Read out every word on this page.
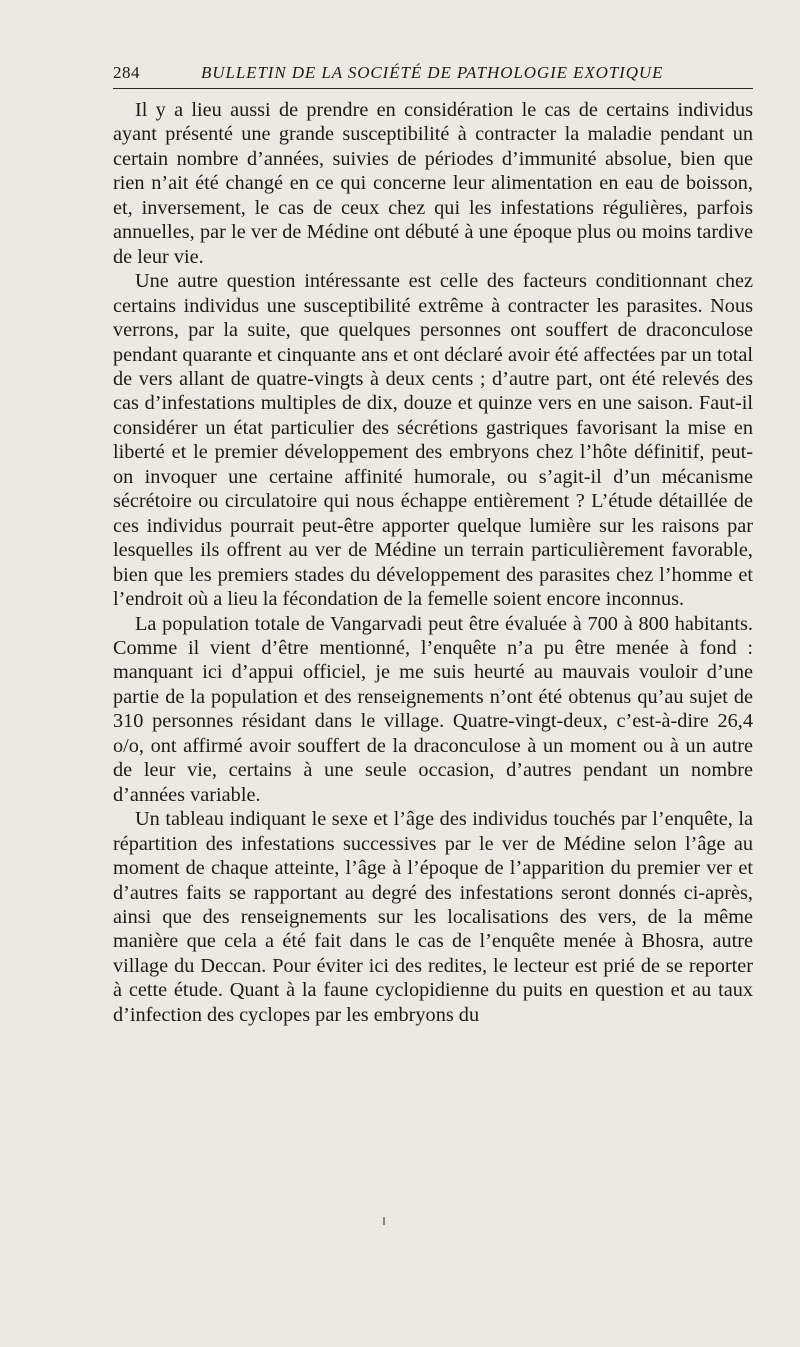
284	BULLETIN DE LA SOCIÉTÉ DE PATHOLOGIE EXOTIQUE

Il y a lieu aussi de prendre en considération le cas de certains individus ayant présenté une grande susceptibilité à contracter la maladie pendant un certain nombre d’années, suivies de périodes d’immunité absolue, bien que rien n’ait été changé en ce qui concerne leur alimentation en eau de boisson, et, inversement, le cas de ceux chez qui les infestations régulières, parfois annuelles, par le ver de Médine ont débuté à une époque plus ou moins tardive de leur vie.

Une autre question intéressante est celle des facteurs conditionnant chez certains individus une susceptibilité extrême à contracter les parasites. Nous verrons, par la suite, que quelques personnes ont souffert de draconculose pendant quarante et cinquante ans et ont déclaré avoir été affectées par un total de vers allant de quatre-vingts à deux cents ; d’autre part, ont été relevés des cas d’infestations multiples de dix, douze et quinze vers en une saison. Faut-il considérer un état particulier des sécrétions gastriques favorisant la mise en liberté et le premier développement des embryons chez l’hôte définitif, peut-on invoquer une certaine affinité humorale, ou s’agit-il d’un mécanisme sécrétoire ou circulatoire qui nous échappe entièrement ? L’étude détaillée de ces individus pourrait peut-être apporter quelque lumière sur les raisons par lesquelles ils offrent au ver de Médine un terrain particulièrement favorable, bien que les premiers stades du développement des parasites chez l’homme et l’endroit où a lieu la fécondation de la femelle soient encore inconnus.

La population totale de Vangarvadi peut être évaluée à 700 à 800 habitants. Comme il vient d’être mentionné, l’enquête n’a pu être menée à fond : manquant ici d’appui officiel, je me suis heurté au mauvais vouloir d’une partie de la population et des renseignements n’ont été obtenus qu’au sujet de 310 personnes résidant dans le village. Quatre-vingt-deux, c’est-à-dire 26,4 o/o, ont affirmé avoir souffert de la draconculose à un moment ou à un autre de leur vie, certains à une seule occasion, d’autres pendant un nombre d’années variable.

Un tableau indiquant le sexe et l’âge des individus touchés par l’enquête, la répartition des infestations successives par le ver de Médine selon l’âge au moment de chaque atteinte, l’âge à l’époque de l’apparition du premier ver et d’autres faits se rapportant au degré des infestations seront donnés ci-après, ainsi que des renseignements sur les localisations des vers, de la même manière que cela a été fait dans le cas de l’enquête menée à Bhosra, autre village du Deccan. Pour éviter ici des redites, le lecteur est prié de se reporter à cette étude. Quant à la faune cyclopidienne du puits en question et au taux d’infection des cyclopes par les embryons du
